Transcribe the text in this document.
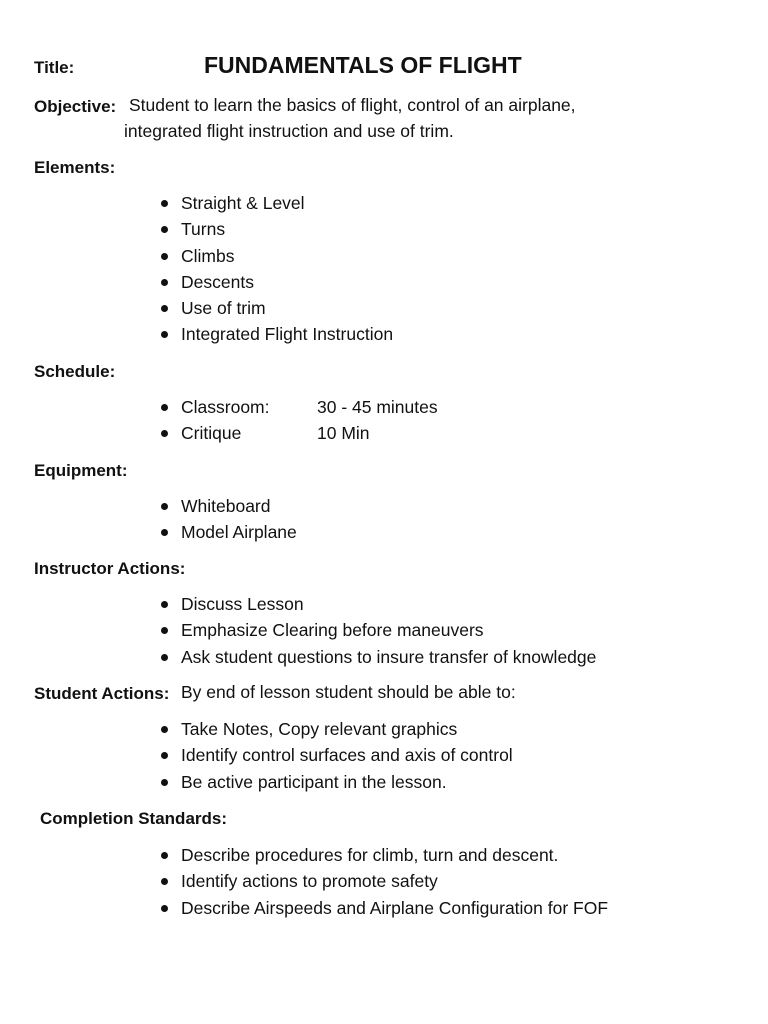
Title:	FUNDAMENTALS OF FLIGHT
Objective: Student to learn the basics of flight, control of an airplane,
integrated flight instruction and use of trim.
Elements:
Straight & Level
Turns
Climbs
Descents
Use of trim
Integrated Flight Instruction
Schedule:
Classroom:	30 - 45 minutes
Critique	10 Min
Equipment:
Whiteboard
Model Airplane
Instructor Actions:
Discuss Lesson
Emphasize Clearing before maneuvers
Ask student questions to insure transfer of knowledge
Student Actions: By end of lesson student should be able to:
Take Notes, Copy relevant graphics
Identify control surfaces and axis of control
Be active participant in the lesson.
Completion Standards:
Describe procedures for climb, turn and descent.
Identify actions to promote safety
Describe Airspeeds and Airplane Configuration for FOF
